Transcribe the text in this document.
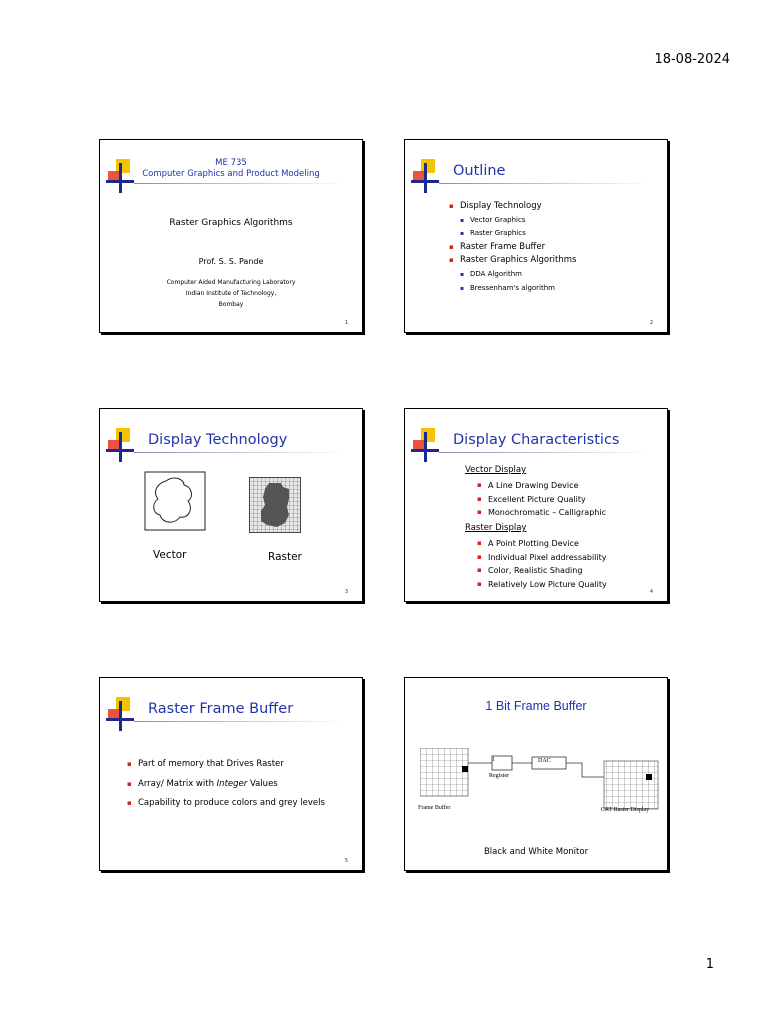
18-08-2024
ME 735
Computer Graphics and Product Modeling
Raster Graphics Algorithms
Prof. S. S. Pande
Computer Aided Manufacturing Laboratory
Indian Institute of Technology,
Bombay
1
Outline
▪ Display Technology
▪ Vector Graphics
▪ Raster Graphics
▪ Raster Frame Buffer
▪ Raster Graphics Algorithms
▪ DDA Algorithm
▪ Bressenham's algorithm
2
Display Technology
Vector	Raster
3
Display Characteristics
Vector Display
▪ A Line Drawing Device
▪ Excellent Picture Quality
▪ Monochromatic – Calligraphic
Raster Display
▪ A Point Plotting Device
▪ Individual Pixel addressability
▪ Color, Realistic Shading
▪ Relatively Low Picture Quality
4
Raster Frame Buffer
▪ Part of memory that Drives Raster
▪ Array/ Matrix with Integer Values
▪ Capability to produce colors and grey levels
5
1 Bit Frame Buffer
1
Register
DAC
Frame Buffer	CRT Raster Display
Black and White Monitor
1
